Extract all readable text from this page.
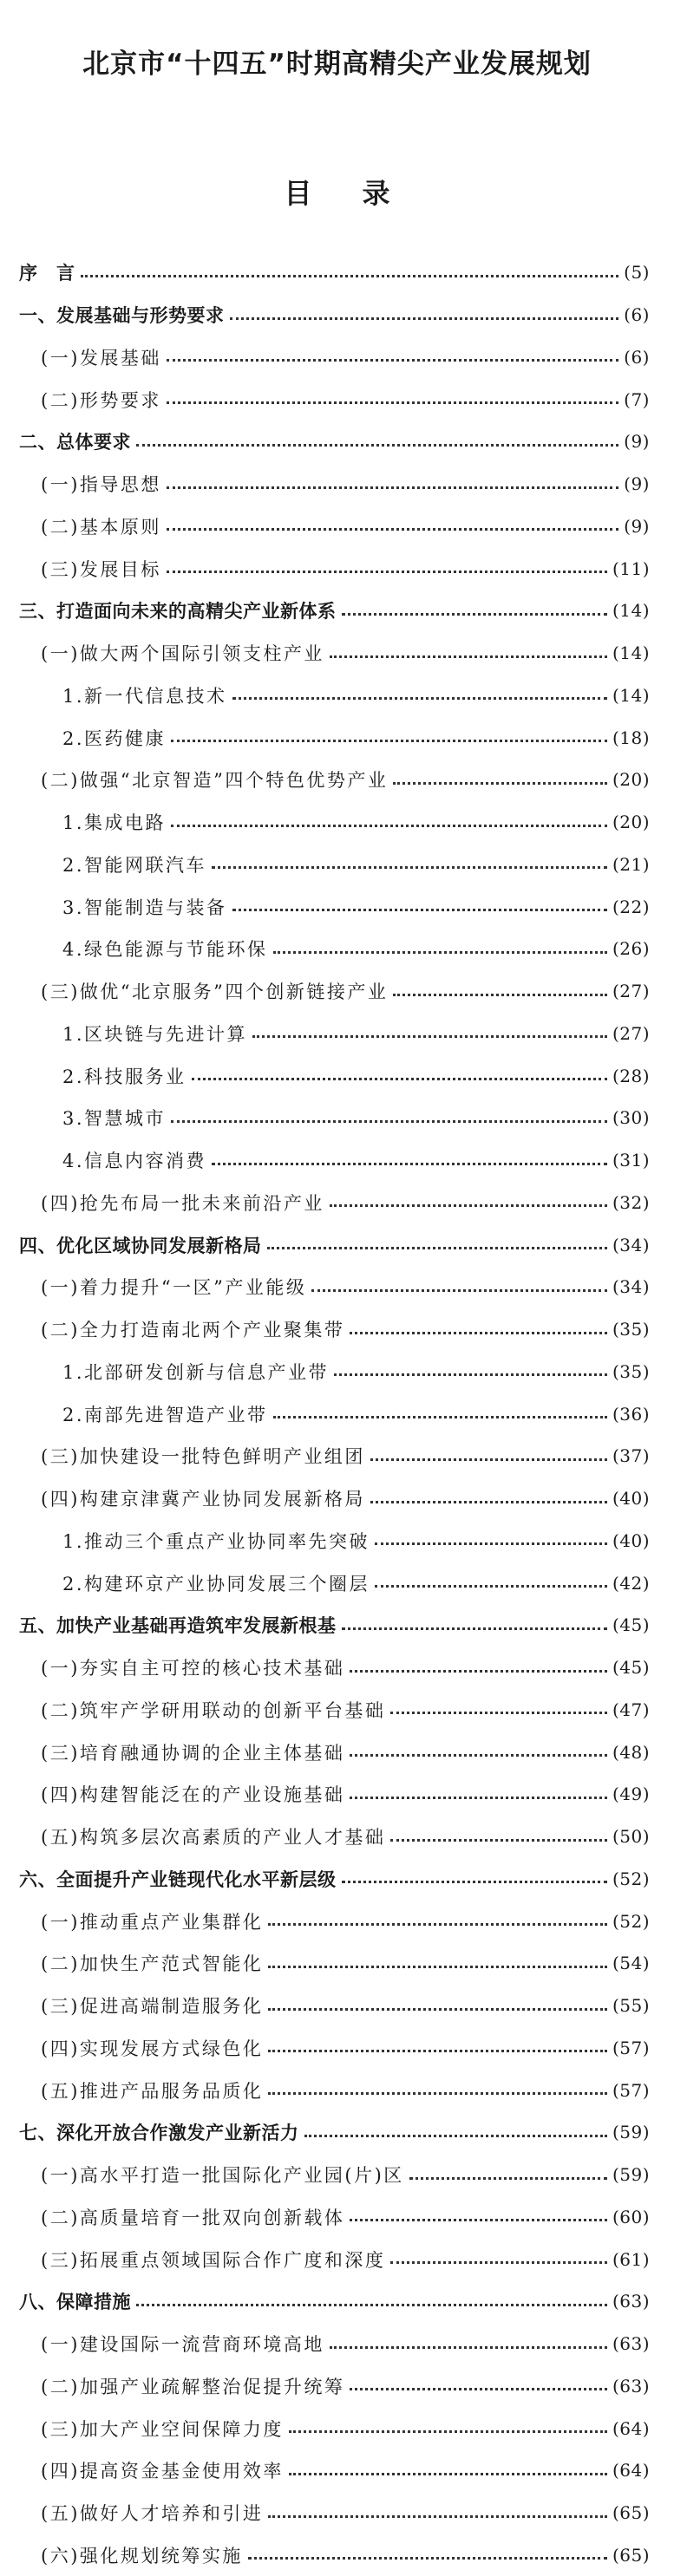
北京市“十四五”时期高精尖产业发展规划
目录
序　言	(5)
一、发展基础与形势要求	(6)
(一)发展基础	(6)
(二)形势要求	(7)
二、总体要求	(9)
(一)指导思想	(9)
(二)基本原则	(9)
(三)发展目标	(11)
三、打造面向未来的高精尖产业新体系	(14)
(一)做大两个国际引领支柱产业	(14)
1.新一代信息技术	(14)
2.医药健康	(18)
(二)做强“北京智造”四个特色优势产业	(20)
1.集成电路	(20)
2.智能网联汽车	(21)
3.智能制造与装备	(22)
4.绿色能源与节能环保	(26)
(三)做优“北京服务”四个创新链接产业	(27)
1.区块链与先进计算	(27)
2.科技服务业	(28)
3.智慧城市	(30)
4.信息内容消费	(31)
(四)抢先布局一批未来前沿产业	(32)
四、优化区域协同发展新格局	(34)
(一)着力提升“一区”产业能级	(34)
(二)全力打造南北两个产业聚集带	(35)
1.北部研发创新与信息产业带	(35)
2.南部先进智造产业带	(36)
(三)加快建设一批特色鲜明产业组团	(37)
(四)构建京津冀产业协同发展新格局	(40)
1.推动三个重点产业协同率先突破	(40)
2.构建环京产业协同发展三个圈层	(42)
五、加快产业基础再造筑牢发展新根基	(45)
(一)夯实自主可控的核心技术基础	(45)
(二)筑牢产学研用联动的创新平台基础	(47)
(三)培育融通协调的企业主体基础	(48)
(四)构建智能泛在的产业设施基础	(49)
(五)构筑多层次高素质的产业人才基础	(50)
六、全面提升产业链现代化水平新层级	(52)
(一)推动重点产业集群化	(52)
(二)加快生产范式智能化	(54)
(三)促进高端制造服务化	(55)
(四)实现发展方式绿色化	(57)
(五)推进产品服务品质化	(57)
七、深化开放合作激发产业新活力	(59)
(一)高水平打造一批国际化产业园(片)区	(59)
(二)高质量培育一批双向创新载体	(60)
(三)拓展重点领域国际合作广度和深度	(61)
八、保障措施	(63)
(一)建设国际一流营商环境高地	(63)
(二)加强产业疏解整治促提升统筹	(63)
(三)加大产业空间保障力度	(64)
(四)提高资金基金使用效率	(64)
(五)做好人才培养和引进	(65)
(六)强化规划统筹实施	(65)
